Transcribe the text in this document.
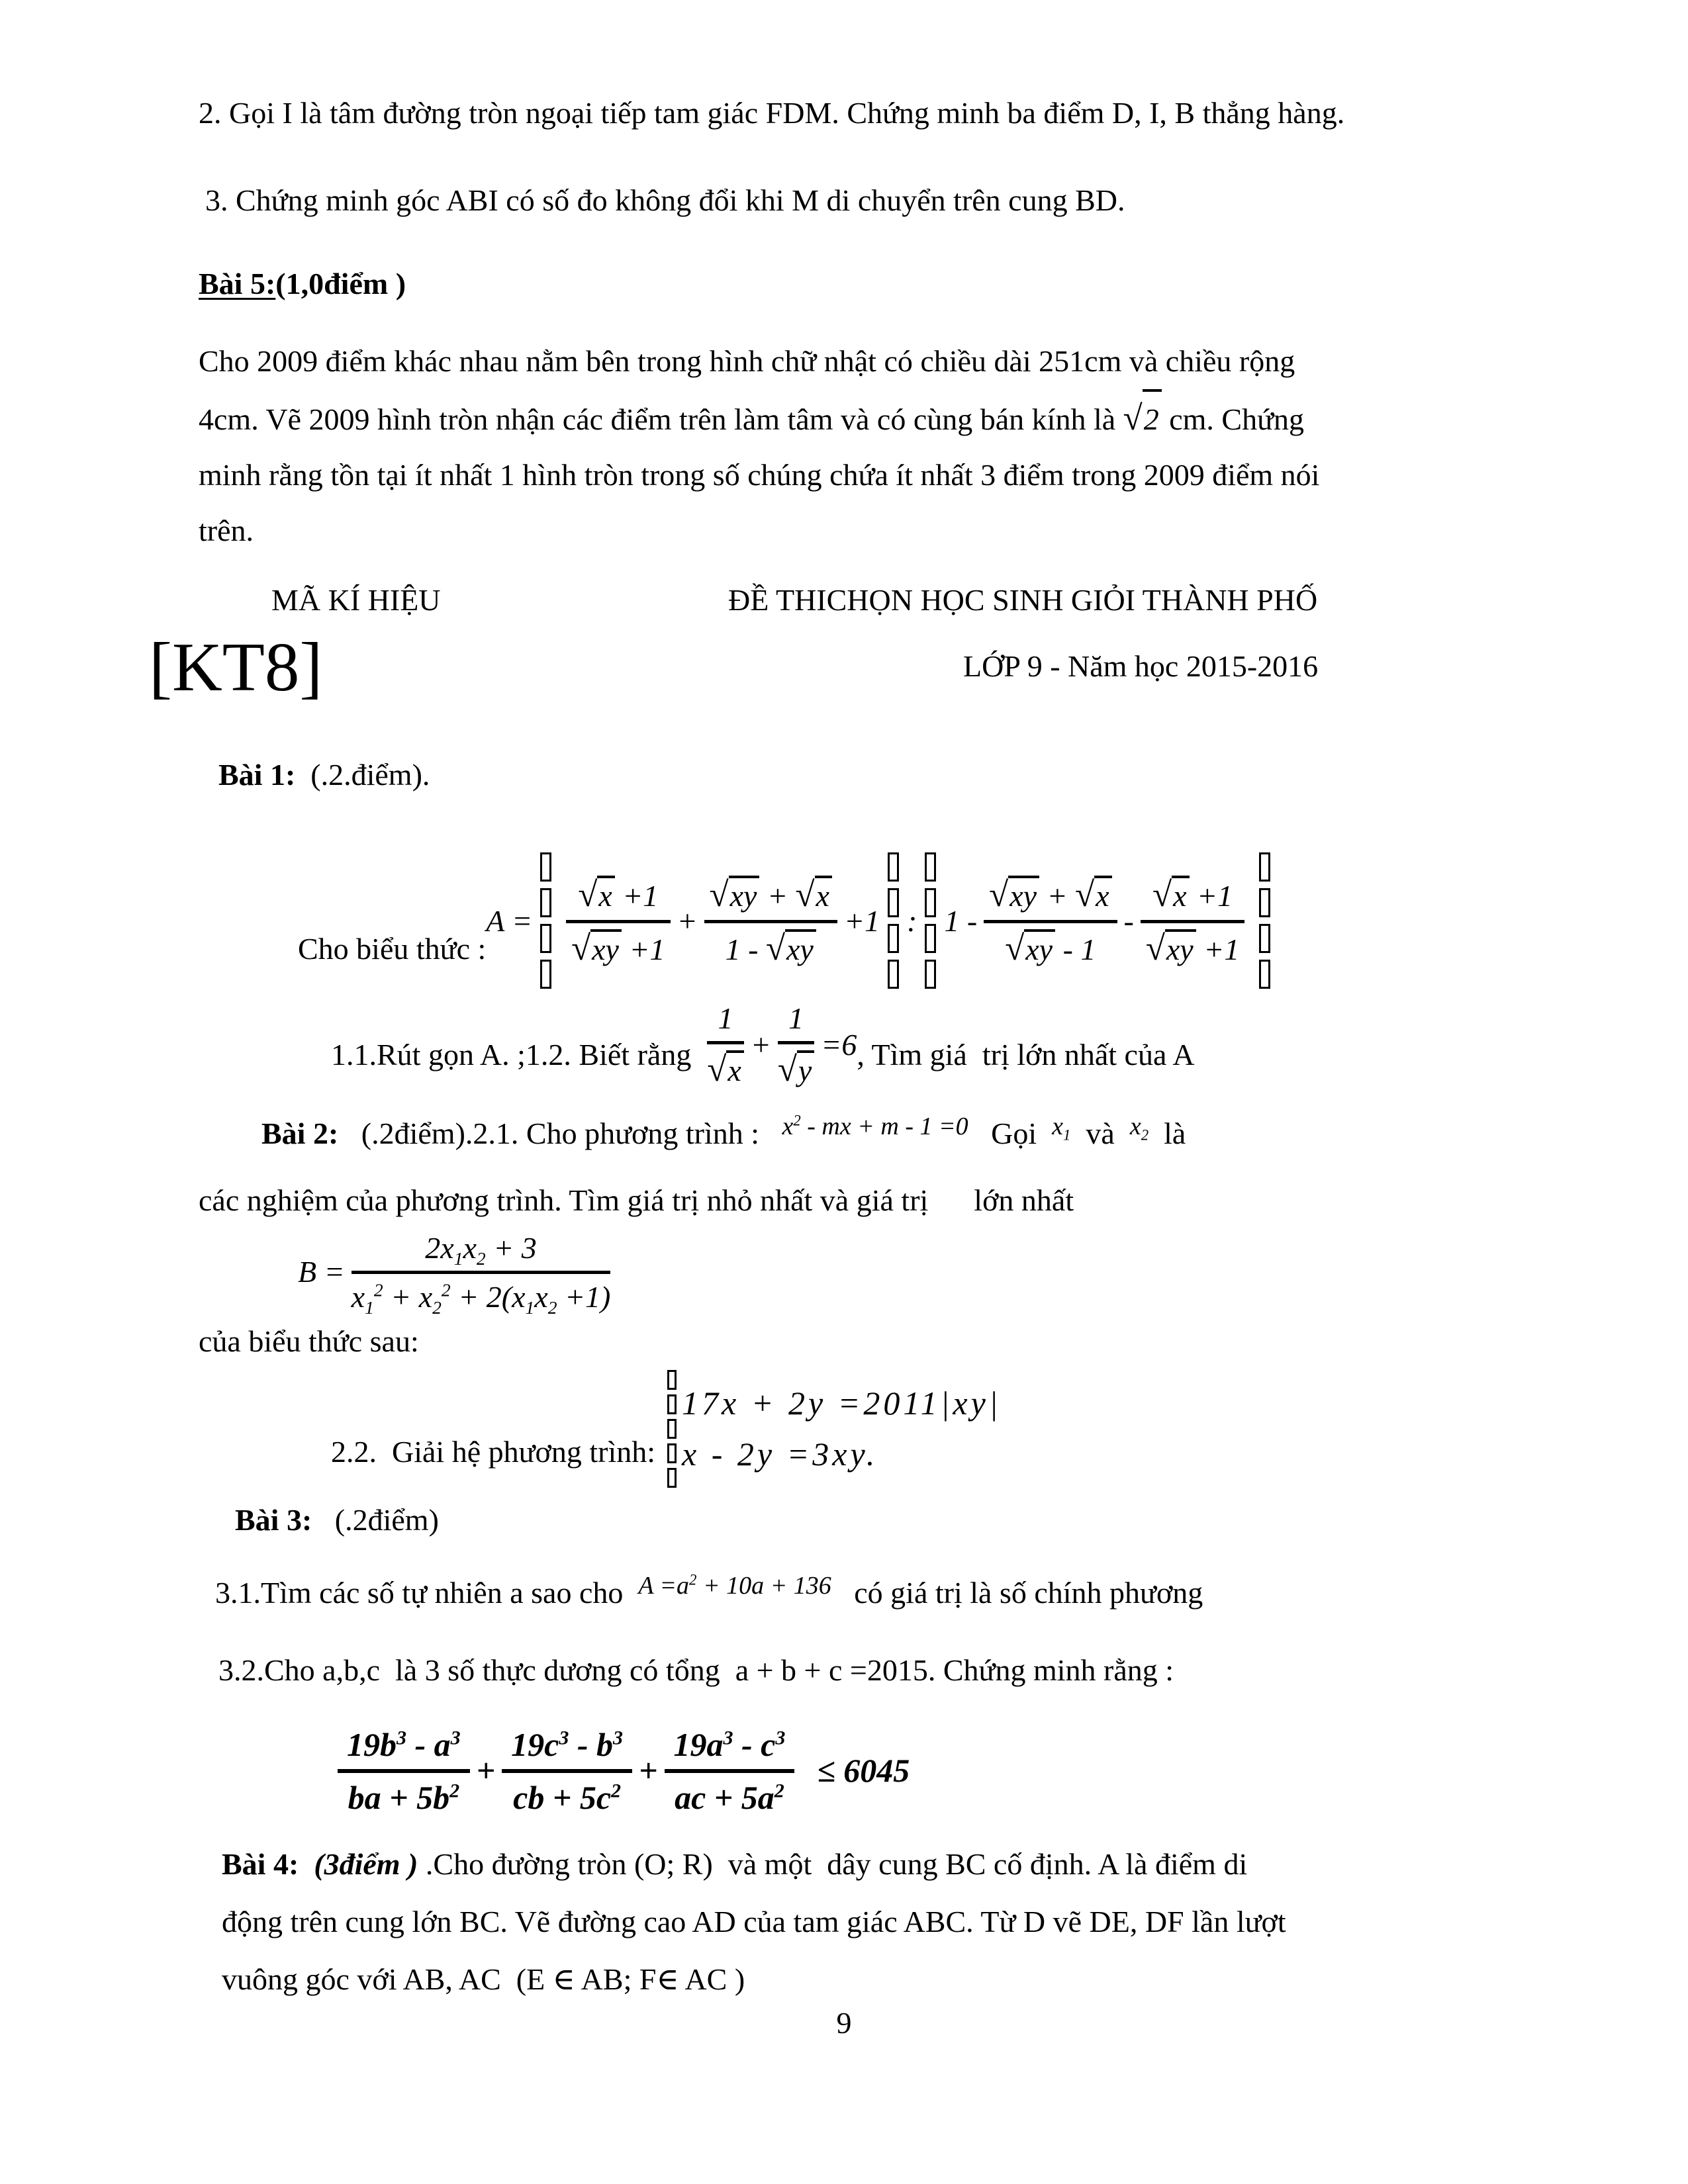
2. Gọi I là tâm đường tròn ngoại tiếp tam giác FDM. Chứng minh ba điểm D, I, B thẳng hàng.
3. Chứng minh góc ABI có số đo không đổi khi M di chuyển trên cung BD.
Bài 5:(1,0điểm )
Cho 2009 điểm khác nhau nằm bên trong hình chữ nhật có chiều dài 251cm và chiều rộng
4cm. Vẽ 2009 hình tròn nhận các điểm trên làm tâm và có cùng bán kính là √ 2 cm. Chứng
minh rằng tồn tại ít nhất 1 hình tròn trong số chúng chứa ít nhất 3 điểm trong 2009 điểm nói
trên.
MÃ KÍ HIỆU
[KT8]
ĐỀ THICHỌN HỌC SINH GIỎI THÀNH PHỐ
LỚP 9 - Năm học 2015-2016
Bài 1: (.2.điểm).
Cho biểu thức :
A = √ x +1
√ xy +1 + √ $\frac{xy + √ x}{1 - √ xy} +1$ : 1 - √ xy + √ x
√ xy - 1 - √ x +1
√ xy +1
1.1.Rút gọn A. ;1.2. Biết rằng 1
√ x + 1
√ y =6 , Tìm giá  trị lớn nhất của A
Bài 2: (.2điểm).2.1. Cho phương trình : $^{x^2 - mx + m - 1 =0}$ Gọi $^{x_1}$ và $^{x_2}$ là
các nghiệm của phương trình. Tìm giá trị nhỏ nhất và giá trị      lớn nhất
$B = \frac{2x_1x_2 + 3}{x_1^2 + x_2^2 + 2(x_1x_2 +1)}$
của biểu thức sau:
2.2.  Giải hệ phương trình:
17x + 2y =2011|xy|
x - 2y =3xy.
Bài 3: (.2điểm)
3.1.Tìm các số tự nhiên a sao cho $^{A =a^2 + 10a + 136}$ có giá trị là số chính phương
3.2.Cho a,b,c  là 3 số thực dương có tổng  a + b + c =2015. Chứng minh rằng :
$\frac{19b^3 - a^3}{ba + 5b^2} + \frac{19c^3 - b^3}{cb + 5c^2} + \frac{19a^3 - c^3}{ac + 5a^2} \le 6045$
Bài 4: (3điểm ) .Cho đường tròn (O; R)  và một  dây cung BC cố định. A là điểm di
động trên cung lớn BC. Vẽ đường cao AD của tam giác ABC. Từ D vẽ DE, DF lần lượt
vuông góc với AB, AC  (E ∈ AB; F∈ AC )
9
